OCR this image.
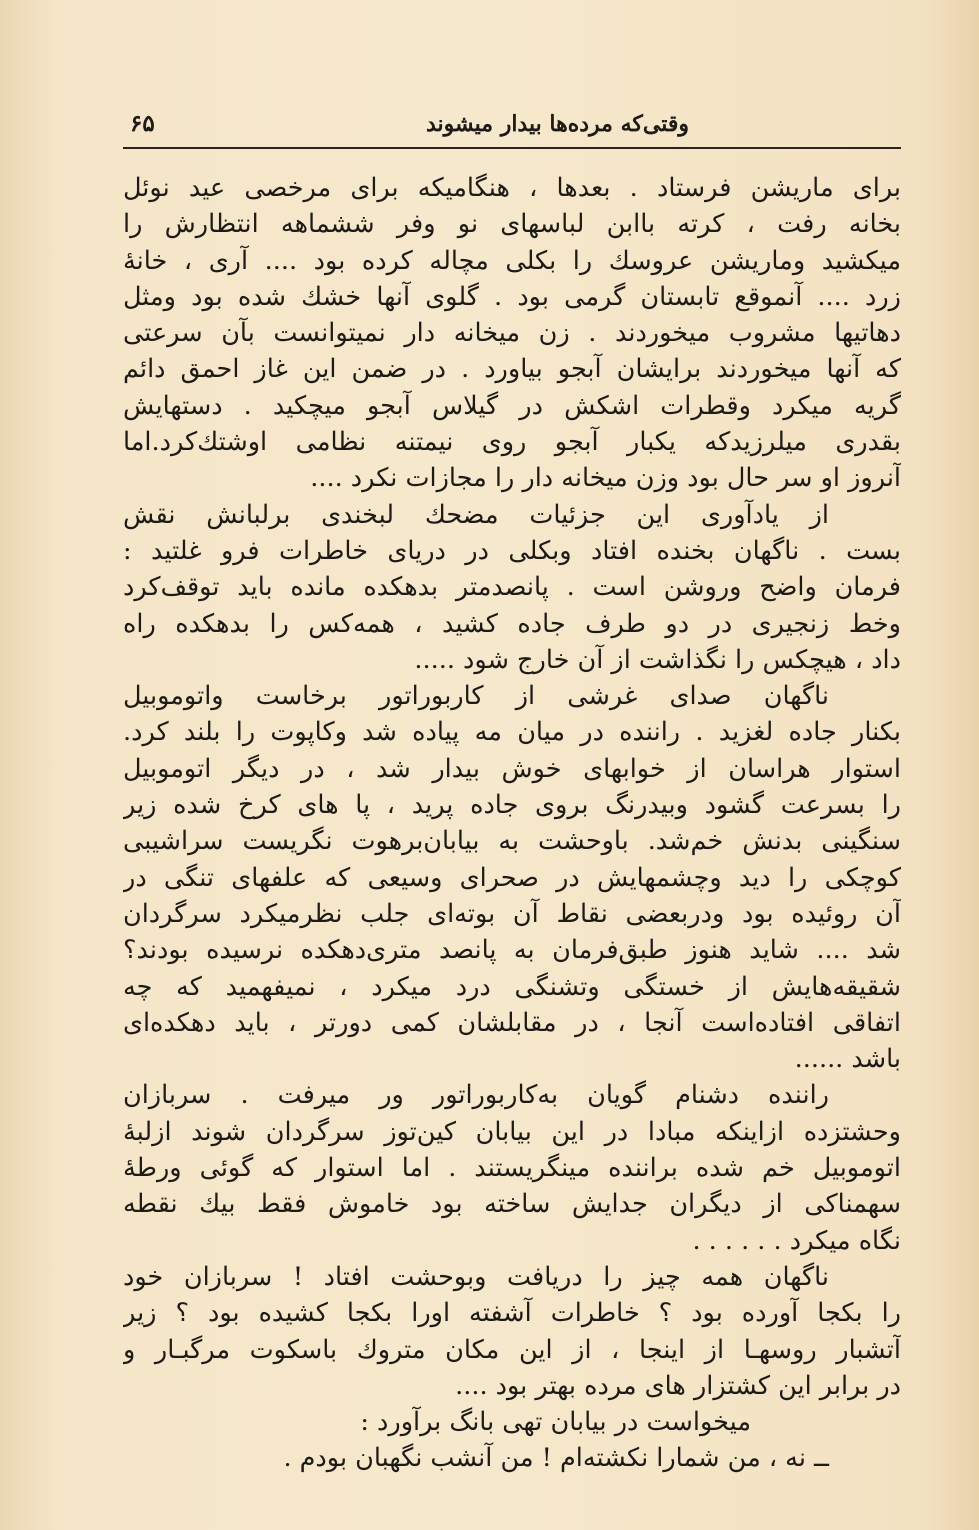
وقتی‌که مرده‌ها بیدار میشوند
۶۵
برای ماریشن فرستاد . بعدها ، هنگامیکه برای مرخصی عید نوئل
بخانه رفت ، کرته باابن لباسهای نو وفر ششماهه انتظارش را
میکشید وماریشن عروسك را بکلی مچاله کرده بود .... آری ، خانهٔ
زرد .... آنموقع تابستان گرمی بود . گلوی آنها خشك شده بود ومثل
دهاتیها مشروب میخوردند . زن میخانه دار نمیتوانست بآن سرعتی
که آنها میخوردند برایشان آبجو بیاورد . در ضمن این غاز احمق دائم
گریه میکرد وقطرات اشکش در گیلاس آبجو میچکید . دستهایش
بقدری میلرزیدکه یکبار آبجو روی نیمتنه نظامی اوشتك‌کرد.اما
آنروز او سر حال بود وزن میخانه دار را مجازات نکرد ....
از یادآوری این جزئیات مضحك لبخندی برلبانش نقش
بست . ناگهان بخنده افتاد وبکلی در دریای خاطرات فرو غلتید :
فرمان واضح وروشن است . پانصدمتر بدهکده مانده باید توقف‌کرد
وخط زنجیری در دو طرف جاده کشید ، همه‌کس را بدهکده راه
داد ، هیچکس را نگذاشت از آن خارج شود .....
ناگهان صدای غرشی از کاربوراتور برخاست واتوموبیل
بکنار جاده لغزید . راننده در میان مه پیاده شد وکاپوت را بلند کرد.
استوار هراسان از خوابهای خوش بیدار شد ، در دیگر اتوموبیل
را بسرعت گشود وبیدرنگ بروی جاده پرید ، پا های کرخ شده زیر
سنگینی بدنش خم‌شد. باوحشت به بیابان‌برهوت نگریست سراشیبی
کوچکی را دید وچشمهایش در صحرای وسیعی که علفهای تنگی در
آن روئیده بود ودربعضی نقاط آن بوته‌ای جلب نظرمیکرد سرگردان
شد .... شاید هنوز طبق‌فرمان به پانصد متری‌دهکده نرسیده بودند؟
شقیقه‌هایش از خستگی وتشنگی درد میکرد ، نمیفهمید که چه
اتفاقی افتاده‌است آنجا ، در مقابلشان کمی دورتر ، باید دهکده‌ای
باشد ......
راننده دشنام گویان به‌کاربوراتور ور میرفت . سربازان
وحشتزده ازاینکه مبادا در این بیابان کین‌توز سرگردان شوند ازلبهٔ
اتوموبیل خم شده براننده مینگریستند . اما استوار که گوئی ورطهٔ
سهمناکی از دیگران جدایش ساخته بود خاموش فقط بیك نقطه
نگاه میکرد . . . . . .
ناگهان همه چیز را دریافت وبوحشت افتاد ! سربازان خود
را بکجا آورده بود ؟ خاطرات آشفته اورا بکجا کشیده بود ؟ زیر
آتشبار روسهـا از اینجا ، از این مکان متروك باسکوت مرگبـار و
در برابر این کشتزار های مرده بهتر بود ....
میخواست در بیابان تهی بانگ برآورد :
ــ نه ، من شمارا نکشته‌ام ! من آنشب نگهبان بودم .
